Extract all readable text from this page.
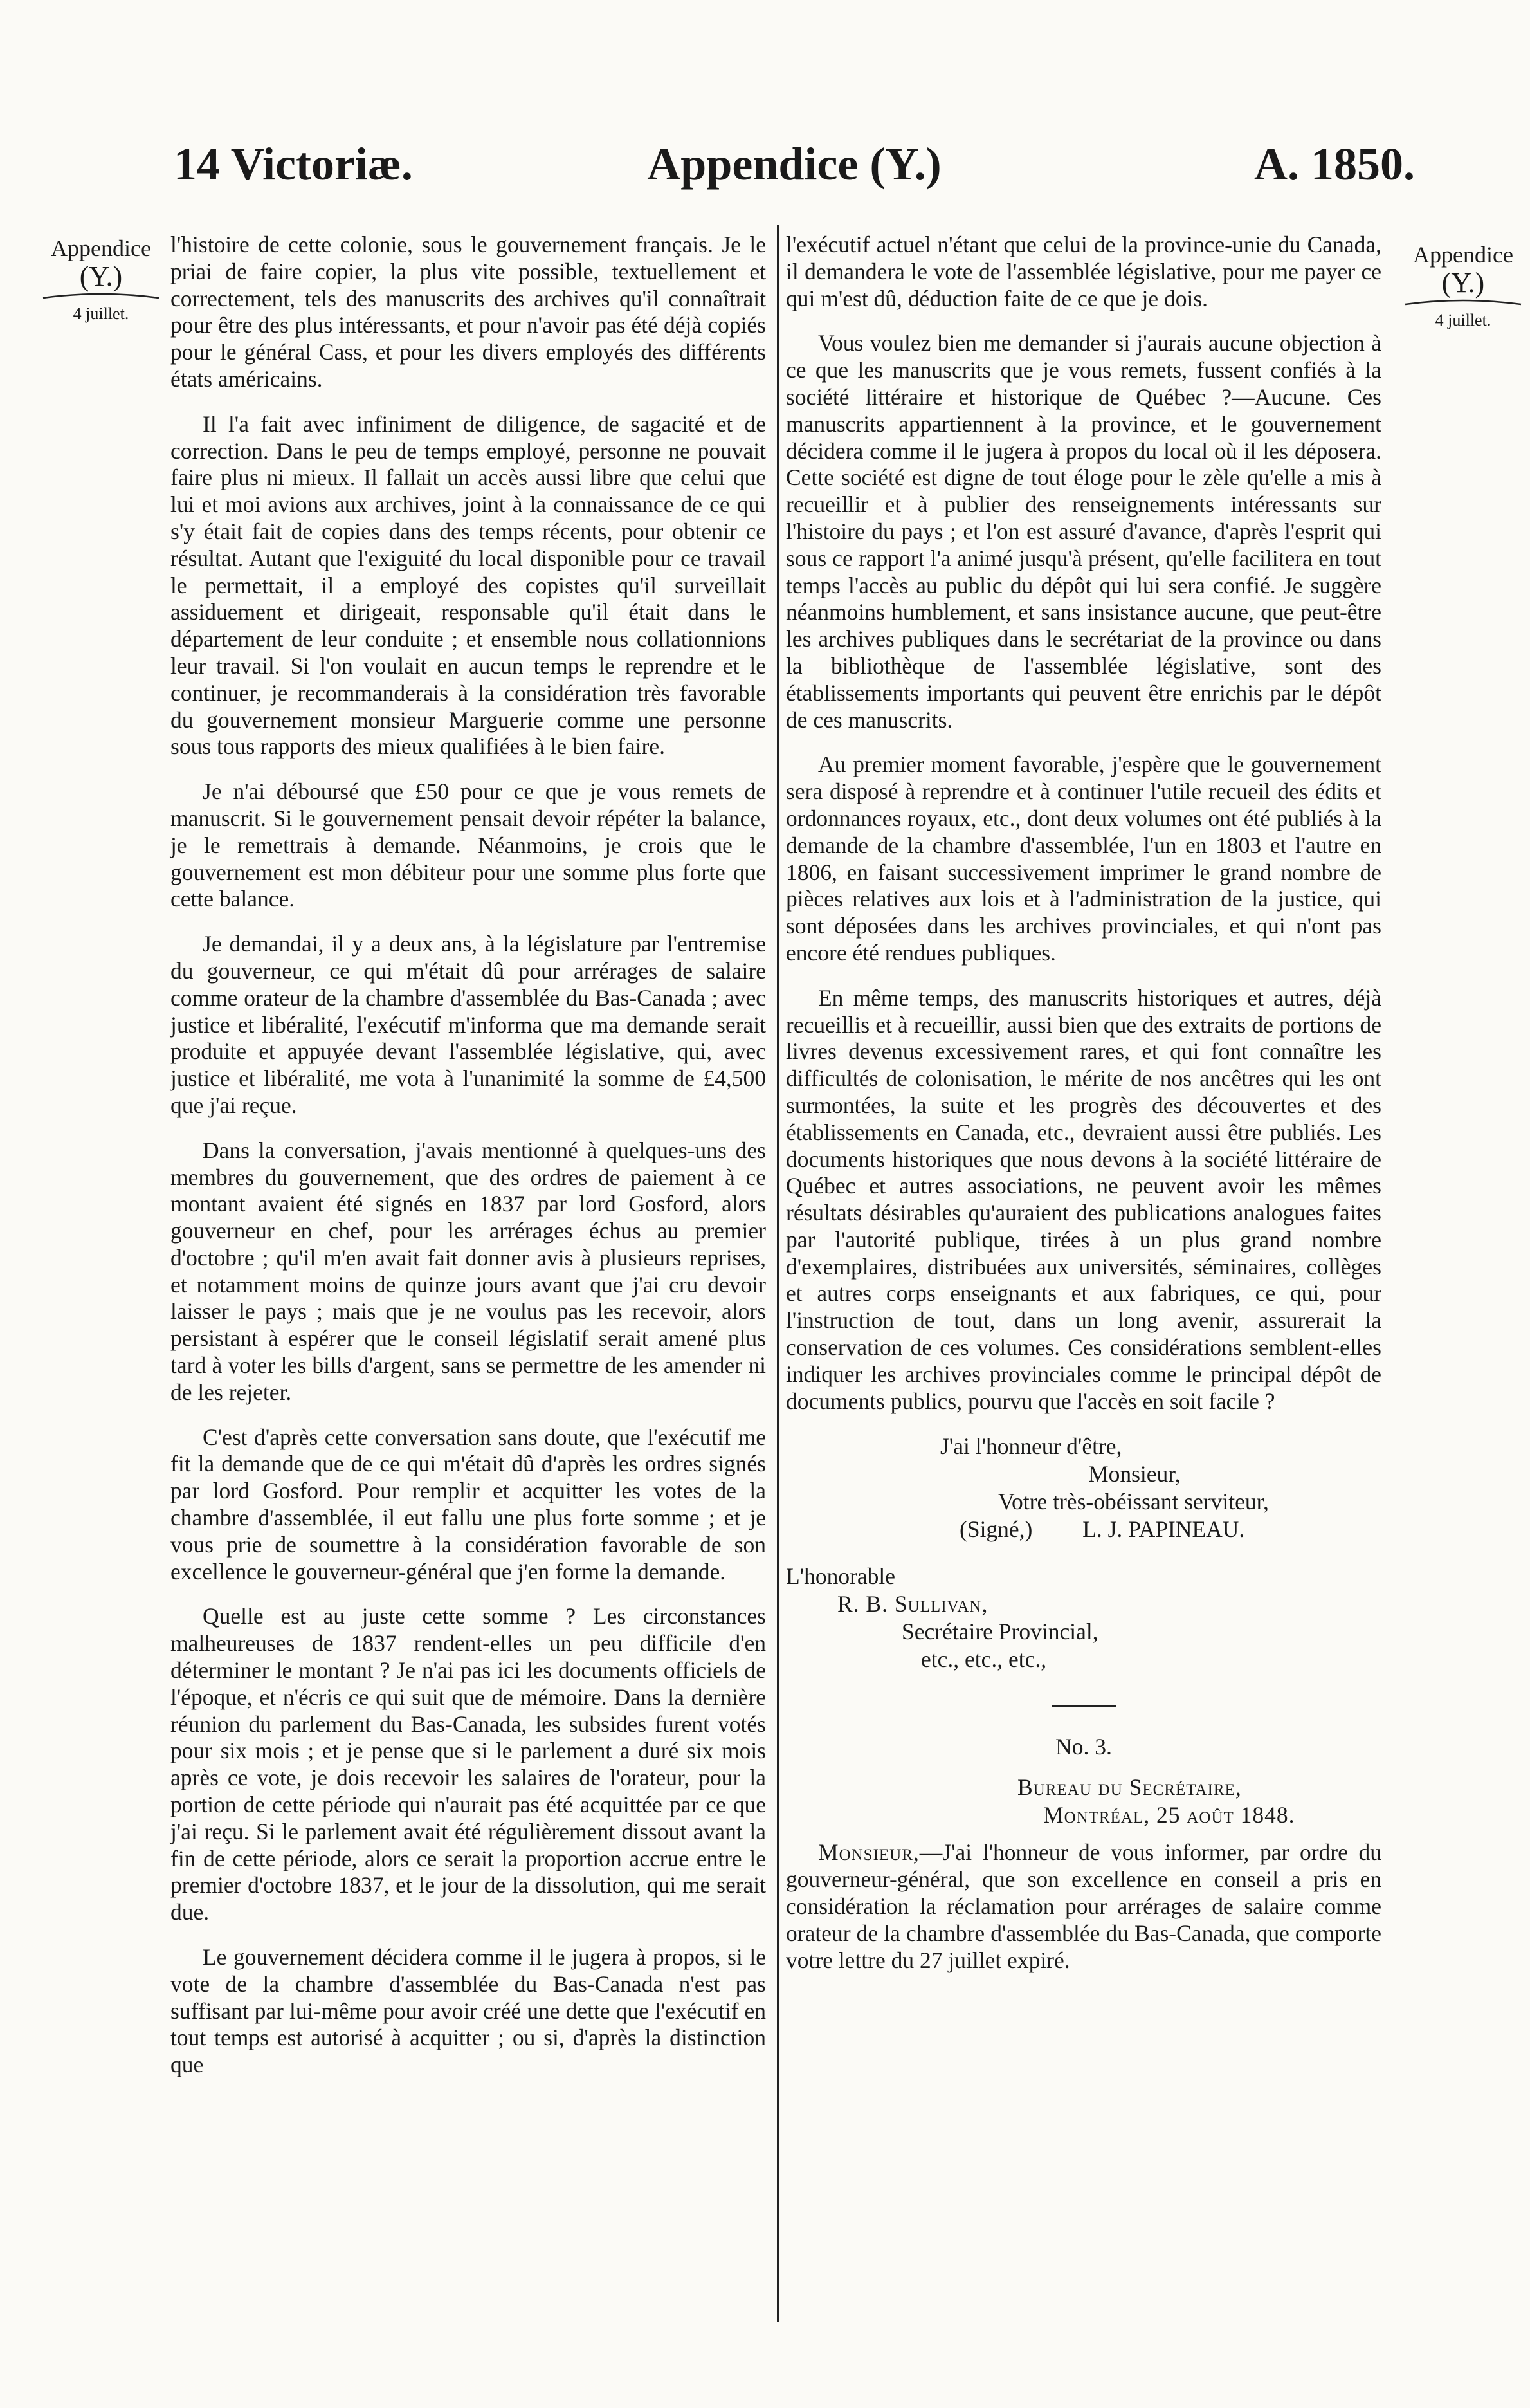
14 Victoriæ.	Appendice (Y.)	A. 1850.
Appendice
(Y.)
4 juillet.
Appendice
(Y.)
4 juillet.

l'histoire de cette colonie, sous le gouvernement français. Je le priai de faire copier, la plus vite possible, textuellement et correctement, tels des manuscrits des archives qu'il connaîtrait pour être des plus intéressants, et pour n'avoir pas été déjà copiés pour le général Cass, et pour les divers employés des différents états américains.

Il l'a fait avec infiniment de diligence, de sagacité et de correction. Dans le peu de temps employé, personne ne pouvait faire plus ni mieux. Il fallait un accès aussi libre que celui que lui et moi avions aux archives, joint à la connaissance de ce qui s'y était fait de copies dans des temps récents, pour obtenir ce résultat. Autant que l'exiguité du local disponible pour ce travail le permettait, il a employé des copistes qu'il surveillait assiduement et dirigeait, responsable qu'il était dans le département de leur conduite ; et ensemble nous collationnions leur travail. Si l'on voulait en aucun temps le reprendre et le continuer, je recommanderais à la considération très favorable du gouvernement monsieur Marguerie comme une personne sous tous rapports des mieux qualifiées à le bien faire.

Je n'ai déboursé que £50 pour ce que je vous remets de manuscrit. Si le gouvernement pensait devoir répéter la balance, je le remettrais à demande. Néanmoins, je crois que le gouvernement est mon débiteur pour une somme plus forte que cette balance.

Je demandai, il y a deux ans, à la législature par l'entremise du gouverneur, ce qui m'était dû pour arrérages de salaire comme orateur de la chambre d'assemblée du Bas-Canada ; avec justice et libéralité, l'exécutif m'informa que ma demande serait produite et appuyée devant l'assemblée législative, qui, avec justice et libéralité, me vota à l'unanimité la somme de £4,500 que j'ai reçue.

Dans la conversation, j'avais mentionné à quelques-uns des membres du gouvernement, que des ordres de paiement à ce montant avaient été signés en 1837 par lord Gosford, alors gouverneur en chef, pour les arrérages échus au premier d'octobre ; qu'il m'en avait fait donner avis à plusieurs reprises, et notamment moins de quinze jours avant que j'ai cru devoir laisser le pays ; mais que je ne voulus pas les recevoir, alors persistant à espérer que le conseil législatif serait amené plus tard à voter les bills d'argent, sans se permettre de les amender ni de les rejeter.

C'est d'après cette conversation sans doute, que l'exécutif me fit la demande que de ce qui m'était dû d'après les ordres signés par lord Gosford. Pour remplir et acquitter les votes de la chambre d'assemblée, il eut fallu une plus forte somme ; et je vous prie de soumettre à la considération favorable de son excellence le gouverneur-général que j'en forme la demande.

Quelle est au juste cette somme ? Les circonstances malheureuses de 1837 rendent-elles un peu difficile d'en déterminer le montant ? Je n'ai pas ici les documents officiels de l'époque, et n'écris ce qui suit que de mémoire. Dans la dernière réunion du parlement du Bas-Canada, les subsides furent votés pour six mois ; et je pense que si le parlement a duré six mois après ce vote, je dois recevoir les salaires de l'orateur, pour la portion de cette période qui n'aurait pas été acquittée par ce que j'ai reçu. Si le parlement avait été régulièrement dissout avant la fin de cette période, alors ce serait la proportion accrue entre le premier d'octobre 1837, et le jour de la dissolution, qui me serait due.

Le gouvernement décidera comme il le jugera à propos, si le vote de la chambre d'assemblée du Bas-Canada n'est pas suffisant par lui-même pour avoir créé une dette que l'exécutif en tout temps est autorisé à acquitter ; ou si, d'après la distinction que

l'exécutif actuel n'étant que celui de la province-unie du Canada, il demandera le vote de l'assemblée législative, pour me payer ce qui m'est dû, déduction faite de ce que je dois.

Vous voulez bien me demander si j'aurais aucune objection à ce que les manuscrits que je vous remets, fussent confiés à la société littéraire et historique de Québec ?—Aucune. Ces manuscrits appartiennent à la province, et le gouvernement décidera comme il le jugera à propos du local où il les déposera. Cette société est digne de tout éloge pour le zèle qu'elle a mis à recueillir et à publier des renseignements intéressants sur l'histoire du pays ; et l'on est assuré d'avance, d'après l'esprit qui sous ce rapport l'a animé jusqu'à présent, qu'elle facilitera en tout temps l'accès au public du dépôt qui lui sera confié. Je suggère néanmoins humblement, et sans insistance aucune, que peut-être les archives publiques dans le secrétariat de la province ou dans la bibliothèque de l'assemblée législative, sont des établissements importants qui peuvent être enrichis par le dépôt de ces manuscrits.

Au premier moment favorable, j'espère que le gouvernement sera disposé à reprendre et à continuer l'utile recueil des édits et ordonnances royaux, etc., dont deux volumes ont été publiés à la demande de la chambre d'assemblée, l'un en 1803 et l'autre en 1806, en faisant successivement imprimer le grand nombre de pièces relatives aux lois et à l'administration de la justice, qui sont déposées dans les archives provinciales, et qui n'ont pas encore été rendues publiques.

En même temps, des manuscrits historiques et autres, déjà recueillis et à recueillir, aussi bien que des extraits de portions de livres devenus excessivement rares, et qui font connaître les difficultés de colonisation, le mérite de nos ancêtres qui les ont surmontées, la suite et les progrès des découvertes et des établissements en Canada, etc., devraient aussi être publiés. Les documents historiques que nous devons à la société littéraire de Québec et autres associations, ne peuvent avoir les mêmes résultats désirables qu'auraient des publications analogues faites par l'autorité publique, tirées à un plus grand nombre d'exemplaires, distribuées aux universités, séminaires, collèges et autres corps enseignants et aux fabriques, ce qui, pour l'instruction de tout, dans un long avenir, assurerait la conservation de ces volumes. Ces considérations semblent-elles indiquer les archives provinciales comme le principal dépôt de documents publics, pourvu que l'accès en soit facile ?

J'ai l'honneur d'être,
Monsieur,
Votre très-obéissant serviteur,
(Signé,) L. J. PAPINEAU.
L'honorable
R. B. Sullivan,
Secrétaire Provincial,
etc., etc., etc.,
No. 3.
Bureau du Secrétaire,
Montréal, 25 août 1848.

Monsieur,—J'ai l'honneur de vous informer, par ordre du gouverneur-général, que son excellence en conseil a pris en considération la réclamation pour arrérages de salaire comme orateur de la chambre d'assemblée du Bas-Canada, que comporte votre lettre du 27 juillet expiré.
